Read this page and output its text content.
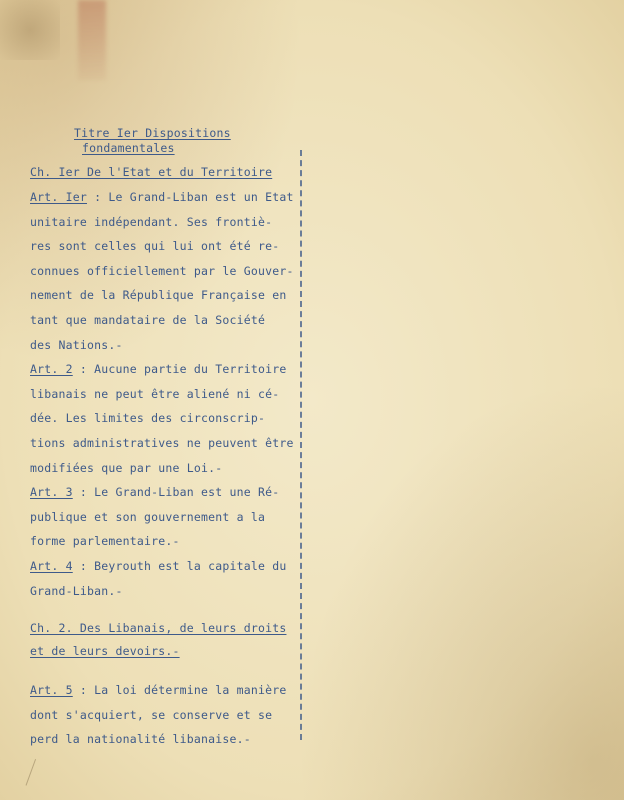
Titre Ier Dispositions
fondamentales
Ch. Ier De l'Etat et du Territoire
Art. Ier : Le Grand-Liban est un Etat
unitaire indépendant. Ses frontiè-
res sont celles qui lui ont été re-
connues officiellement par le Gouver-
nement de la République Française en
tant que mandataire de la Société
des Nations.-
Art. 2 : Aucune partie du Territoire
libanais ne peut être aliené ni cé-
dée. Les limites des circonscrip-
tions administratives ne peuvent être
modifiées que par une Loi.-
Art. 3 : Le Grand-Liban est une Ré-
publique et son gouvernement a la
forme parlementaire.-
Art. 4 : Beyrouth est la capitale du
Grand-Liban.-
Ch. 2. Des Libanais, de leurs droits
et de leurs devoirs.-
Art. 5 : La loi détermine la manière
dont s'acquiert, se conserve et se
perd la nationalité libanaise.-
